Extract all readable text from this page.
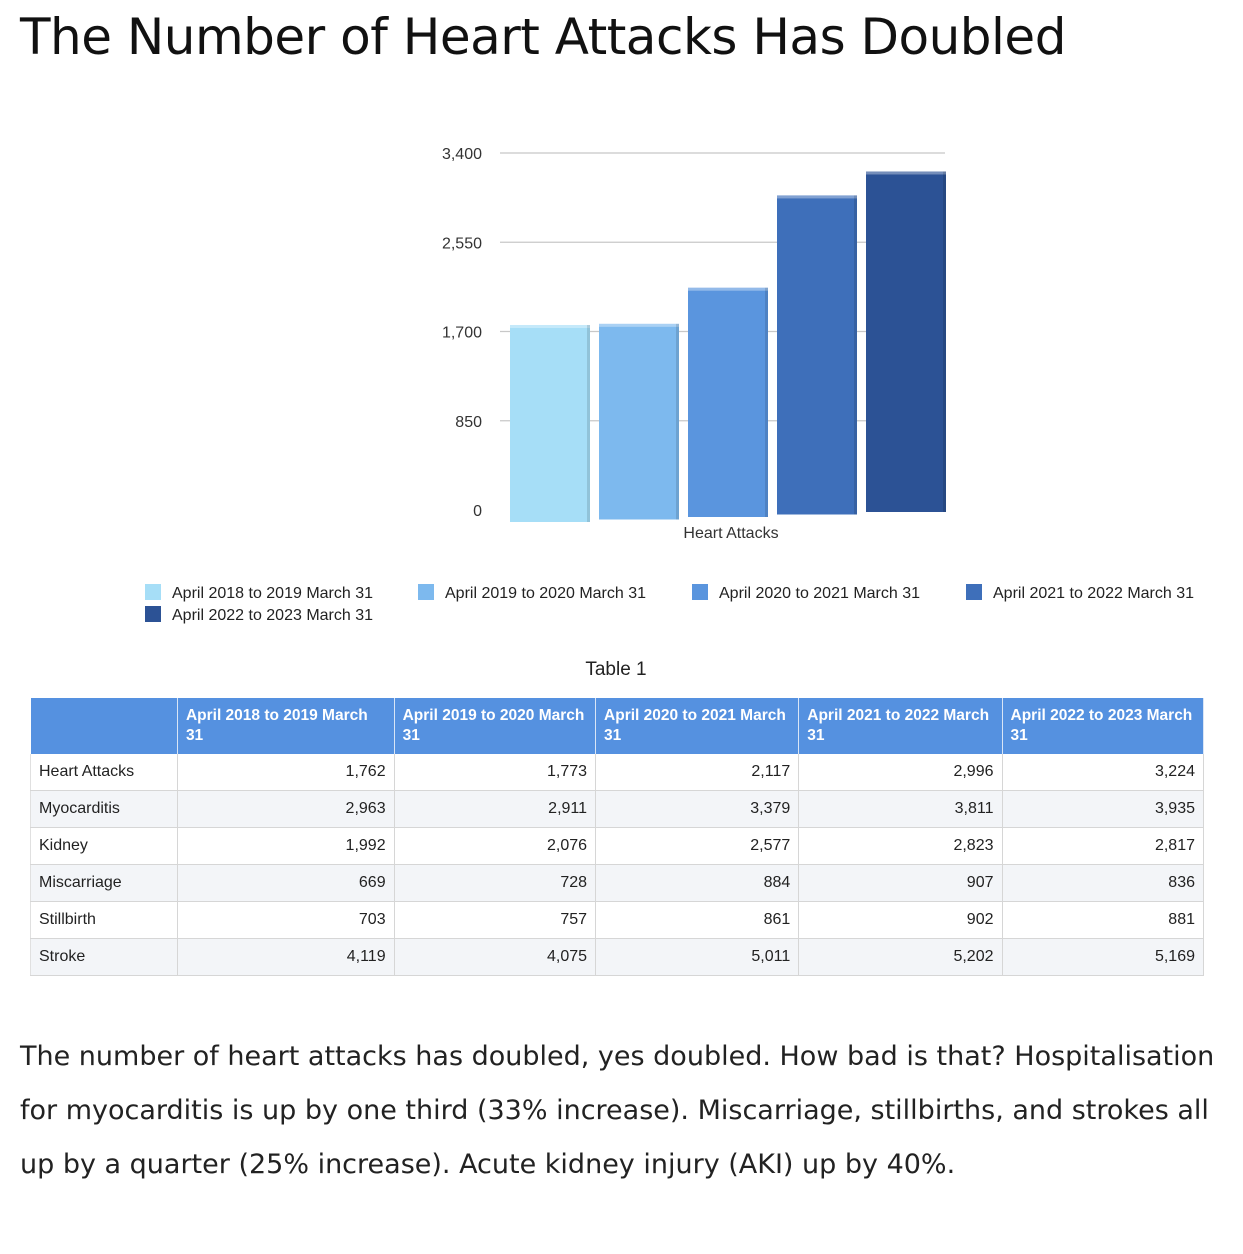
The Number of Heart Attacks Has Doubled
0
850
1,700
2,550
3,400
Heart Attacks
April 2018 to 2019 March 31	April 2019 to 2020 March 31	April 2020 to 2021 March 31	April 2021 to 2022 March 31
April 2022 to 2023 March 31
Table 1
	April 2018 to 2019 March 31	April 2019 to 2020 March 31	April 2020 to 2021 March 31	April 2021 to 2022 March 31	April 2022 to 2023 March 31
Heart Attacks	1,762	1,773	2,117	2,996	3,224
Myocarditis	2,963	2,911	3,379	3,811	3,935
Kidney	1,992	2,076	2,577	2,823	2,817
Miscarriage	669	728	884	907	836
Stillbirth	703	757	861	902	881
Stroke	4,119	4,075	5,011	5,202	5,169

The number of heart attacks has doubled, yes doubled. How bad is that? Hospitalisation for myocarditis is up by one third (33% increase). Miscarriage, stillbirths, and strokes all up by a quarter (25% increase). Acute kidney injury (AKI) up by 40%.
